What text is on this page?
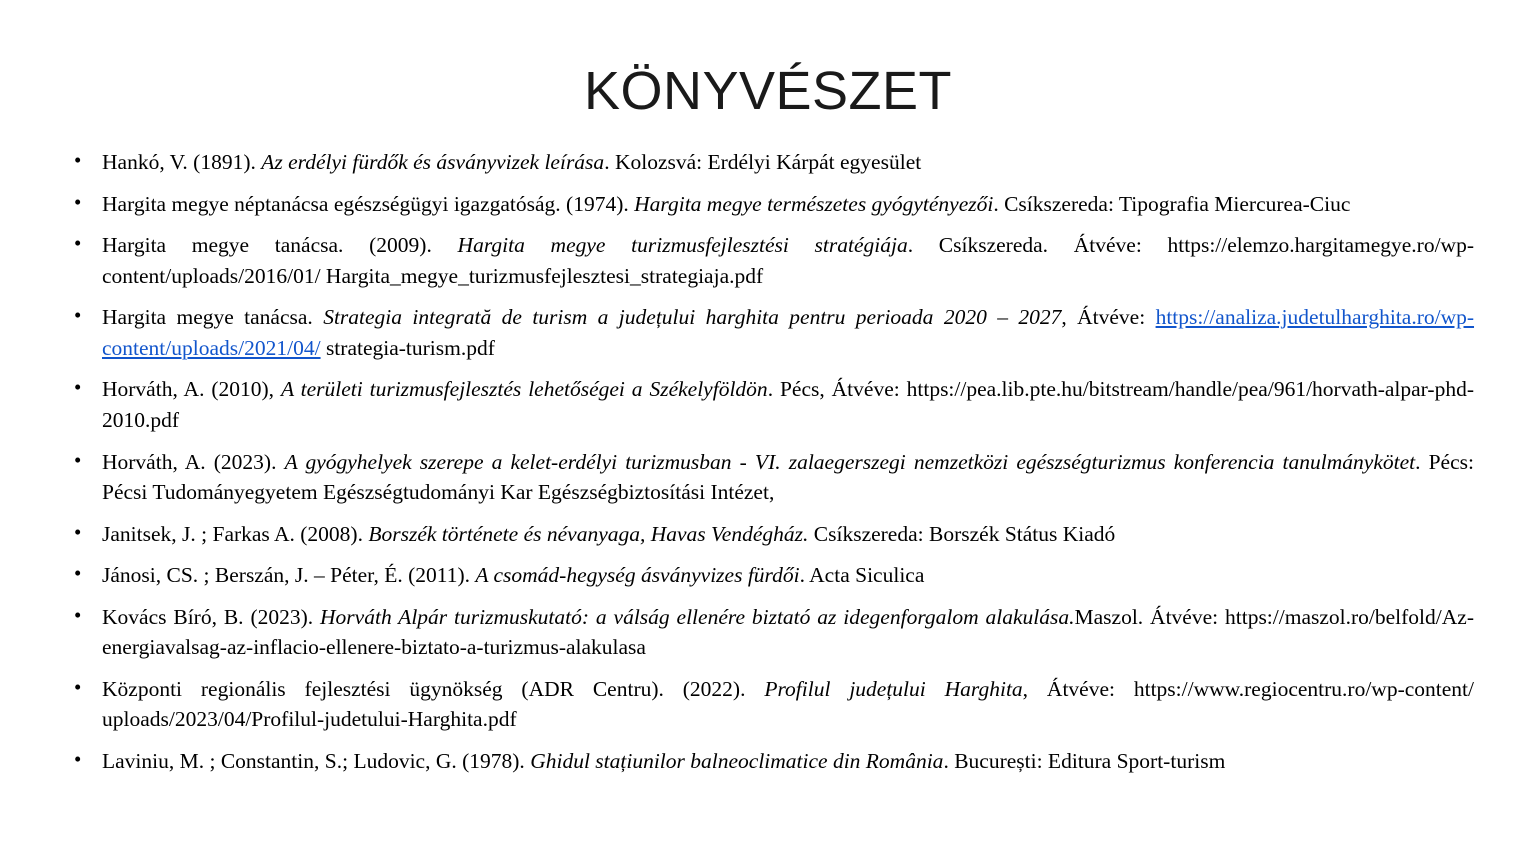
KÖNYVÉSZET
• Hankó, V. (1891). Az erdélyi fürdők és ásványvizek leírása. Kolozsvá: Erdélyi Kárpát egyesület
• Hargita megye néptanácsa egészségügyi igazgatóság. (1974). Hargita megye természetes gyógytényezői. Csíkszereda: Tipografia Miercurea-Ciuc
• Hargita megye tanácsa. (2009). Hargita megye turizmusfejlesztési stratégiája. Csíkszereda. Átvéve: https://elemzo.hargitamegye.ro/wp-content/uploads/2016/01/ Hargita_megye_turizmusfejlesztesi_strategiaja.pdf
• Hargita megye tanácsa. Strategia integrată de turism a județului harghita pentru perioada 2020 – 2027, Átvéve: https://analiza.judetulharghita.ro/wp-content/uploads/2021/04/ strategia-turism.pdf
• Horváth, A. (2010), A területi turizmusfejlesztés lehetőségei a Székelyföldön. Pécs, Átvéve: https://pea.lib.pte.hu/bitstream/handle/pea/961/horvath-alpar-phd-2010.pdf
• Horváth, A. (2023). A gyógyhelyek szerepe a kelet-erdélyi turizmusban - VI. zalaegerszegi nemzetközi egészségturizmus konferencia tanulmánykötet. Pécs: Pécsi Tudományegyetem Egészségtudományi Kar Egészségbiztosítási Intézet,
• Janitsek, J. ; Farkas A. (2008). Borszék története és névanyaga, Havas Vendégház. Csíkszereda: Borszék Státus Kiadó
• Jánosi, CS. ; Berszán, J. – Péter, É. (2011). A csomád-hegység ásványvizes fürdői. Acta Siculica
• Kovács Bíró, B. (2023). Horváth Alpár turizmuskutató: a válság ellenére biztató az idegenforgalom alakulása.Maszol. Átvéve: https://maszol.ro/belfold/Az-energiavalsag-az-inflacio-ellenere-biztato-a-turizmus-alakulasa
• Központi regionális fejlesztési ügynökség (ADR Centru). (2022). Profilul județului Harghita, Átvéve: https://www.regiocentru.ro/wp-content/ uploads/2023/04/Profilul-judetului-Harghita.pdf
• Laviniu, M. ; Constantin, S.; Ludovic, G. (1978). Ghidul stațiunilor balneoclimatice din România. București: Editura Sport-turism
